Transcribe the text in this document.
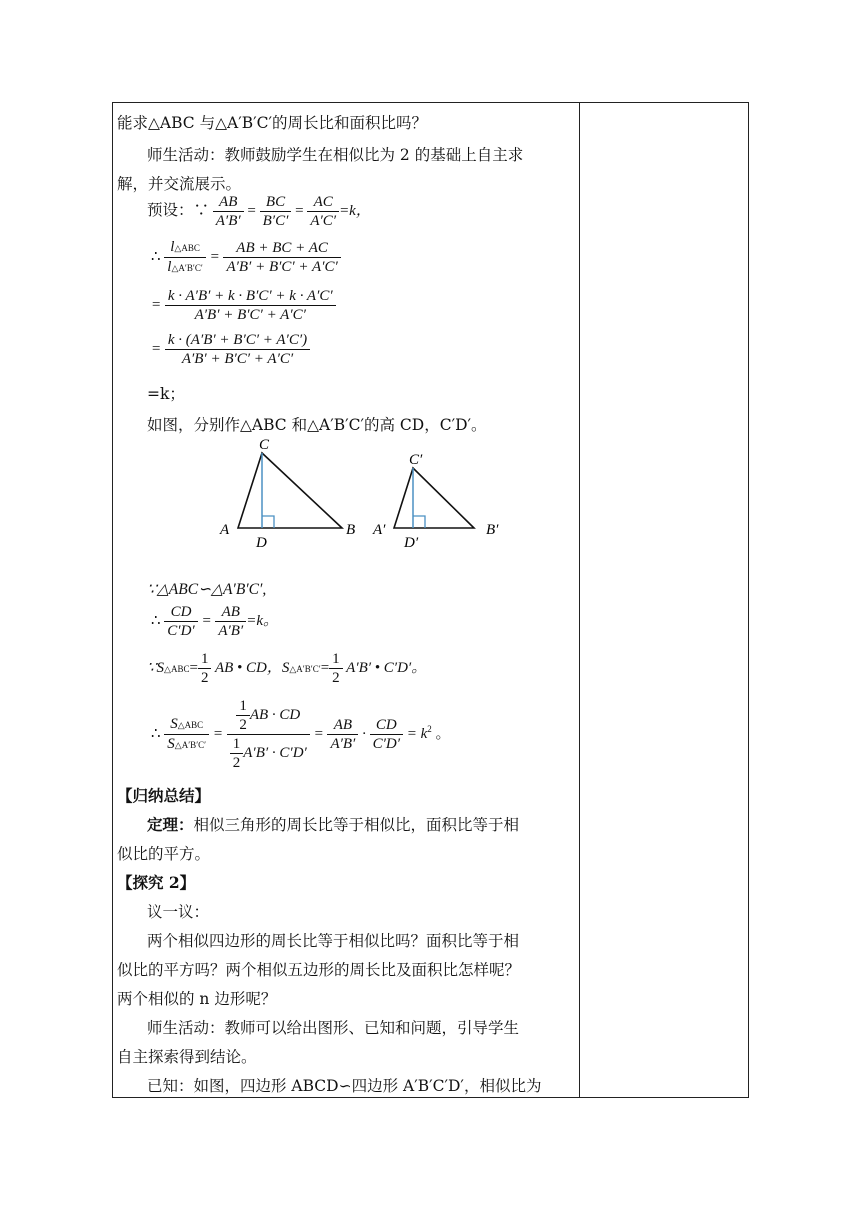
能求△ABC 与△A′B′C′的周长比和面积比吗？
师生活动：教师鼓励学生在相似比为 2 的基础上自主求
解，并交流展示。
预设：∵ $\frac{AB}{A'B'} = \frac{BC}{B'C'} = \frac{AC}{A'C'} =k$，
∴ $\frac{\text{l△ABC}}{l\triangle A'B'C'} = \frac{AB + BC + AC}{A'B' + B'C' + A'C'}$
= $\frac{k \cdot A'B' + k \cdot B'C' + k \cdot A'C'}{A'B' + B'C' + A'C'}$
= $\frac{k \cdot (A'B' + B'C' + A'C')}{A'B' + B'C' + A'C'}$
=k；
如图，分别作△ABC 和△A′B′C′的高 CD，C′D′。
A
C
B
D
A′
C′
B′
D′
∵△ABC∽△A′B′C′,
∴ $\frac{CD}{C'D'} = \frac{AB}{A'B'} =k$。
∵S△ABC= $\frac{1}{2}$ AB • CD，S△A′B′C′= $\frac{1}{2} A'B'$ • C′D′。
∴ $\frac{\text{S△ABC}}{S\triangle A'B'C'} = \frac{\frac{1}{2} AB \cdot CD}{\frac{1}{2} A'B' \cdot C'D'} = \frac{AB}{A'B'} \cdot \frac{CD}{C'D'} = k^2$ 。
【归纳总结】
定理：相似三角形的周长比等于相似比，面积比等于相
似比的平方。
【探究 2】
议一议：
两个相似四边形的周长比等于相似比吗？面积比等于相
似比的平方吗？两个相似五边形的周长比及面积比怎样呢？
两个相似的 n 边形呢？
师生活动：教师可以给出图形、已知和问题，引导学生
自主探索得到结论。
已知：如图，四边形 ABCD∽四边形 A′B′C′D′，相似比为
